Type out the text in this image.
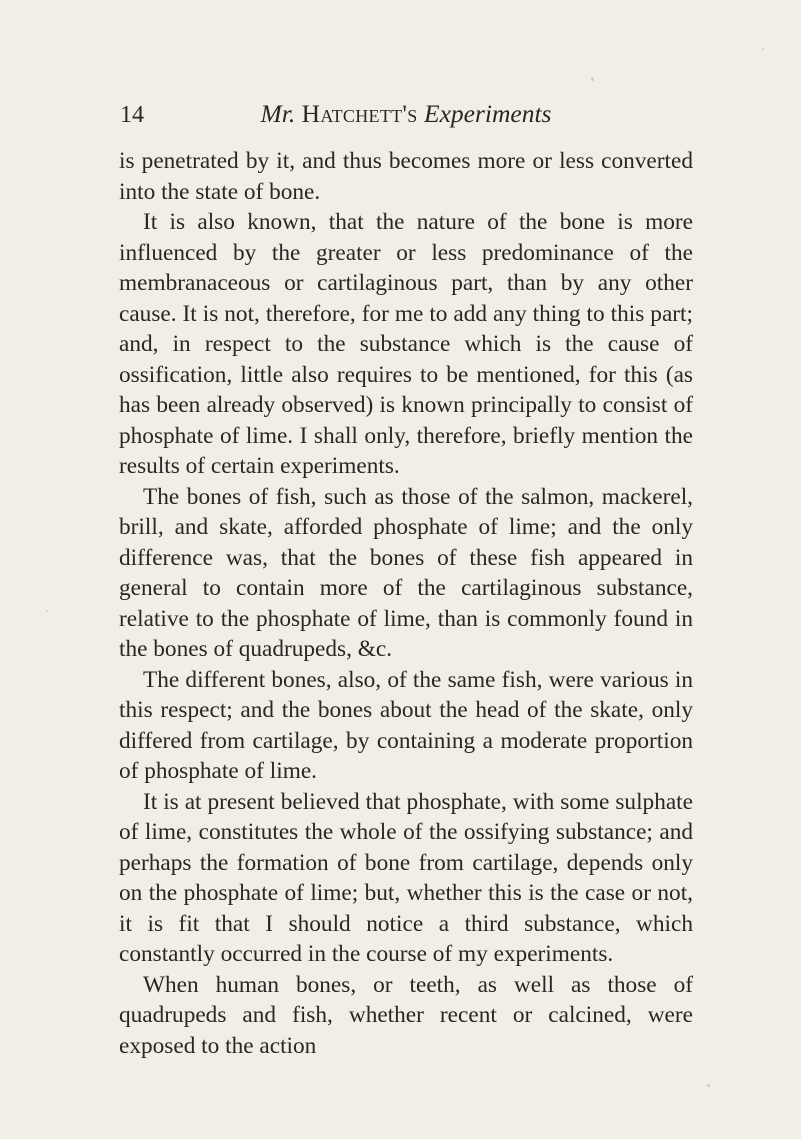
14	Mr. Hatchett's Experiments

is penetrated by it, and thus becomes more or less converted into the state of bone.

It is also known, that the nature of the bone is more influenced by the greater or less predominance of the membranaceous or cartilaginous part, than by any other cause. It is not, therefore, for me to add any thing to this part; and, in respect to the substance which is the cause of ossification, little also requires to be mentioned, for this (as has been already observed) is known principally to consist of phosphate of lime. I shall only, therefore, briefly mention the results of certain experiments.

The bones of fish, such as those of the salmon, mackerel, brill, and skate, afforded phosphate of lime; and the only difference was, that the bones of these fish appeared in general to contain more of the cartilaginous substance, relative to the phosphate of lime, than is commonly found in the bones of quadrupeds, &c.

The different bones, also, of the same fish, were various in this respect; and the bones about the head of the skate, only differed from cartilage, by containing a moderate proportion of phosphate of lime.

It is at present believed that phosphate, with some sulphate of lime, constitutes the whole of the ossifying substance; and perhaps the formation of bone from cartilage, depends only on the phosphate of lime; but, whether this is the case or not, it is fit that I should notice a third substance, which constantly occurred in the course of my experiments.

When human bones, or teeth, as well as those of quadrupeds and fish, whether recent or calcined, were exposed to the action
